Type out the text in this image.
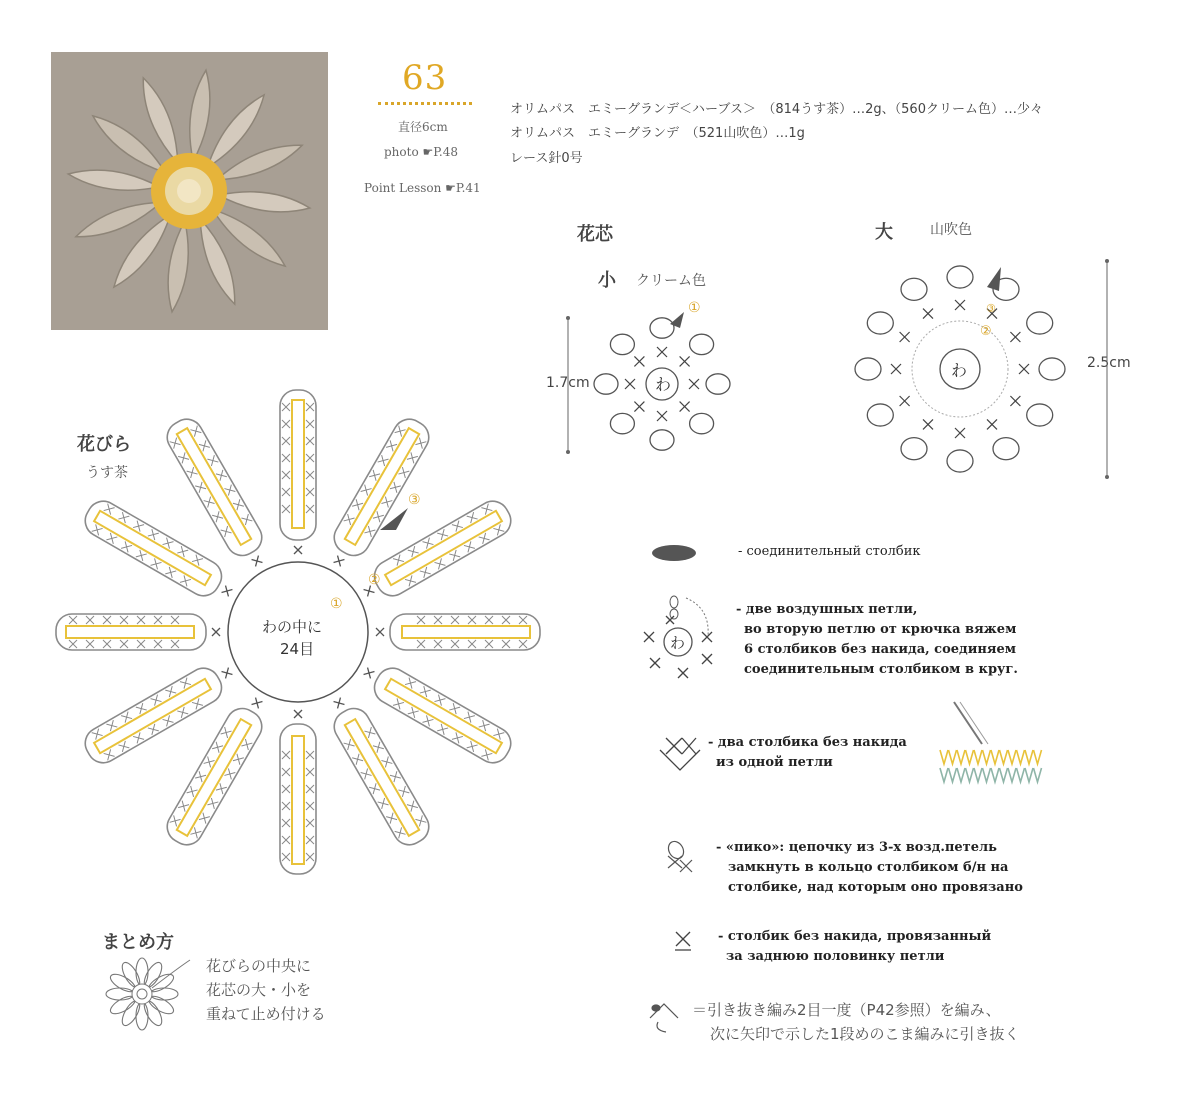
63
直径6cm
photo ☛P.48
Point Lesson ☛P.41
オリムパス　エミーグランデ＜ハーブス＞　（814うす茶）…2g、（560クリーム色）…少々
オリムパス　エミーグランデ　（521山吹色）…1g
レース針0号
花芯
小 クリーム色
1.7cm
大	山吹色
2.5cm
わ
①
わ
②
③
花びら
うす茶
わの中に
24目
①
②
③
- соединительный столбик
わ
- две воздушных петли,
во вторую петлю от крючка вяжем
6 столбиков без накида, соединяем
соединительным столбиком в круг.
- два столбика без накида
из одной петли
- «пико»: цепочку из 3-х возд.петель
замкнуть в кольцо столбиком б/н на
столбике, над которым оно провязано
- столбик без накида, провязанный
за заднюю половинку петли
まとめ方
花びらの中央に
花芯の大・小を
重ねて止め付ける	＝引き抜き編み2目一度（P42参照）を編み、
次に矢印で示した1段めのこま編みに引き抜く
